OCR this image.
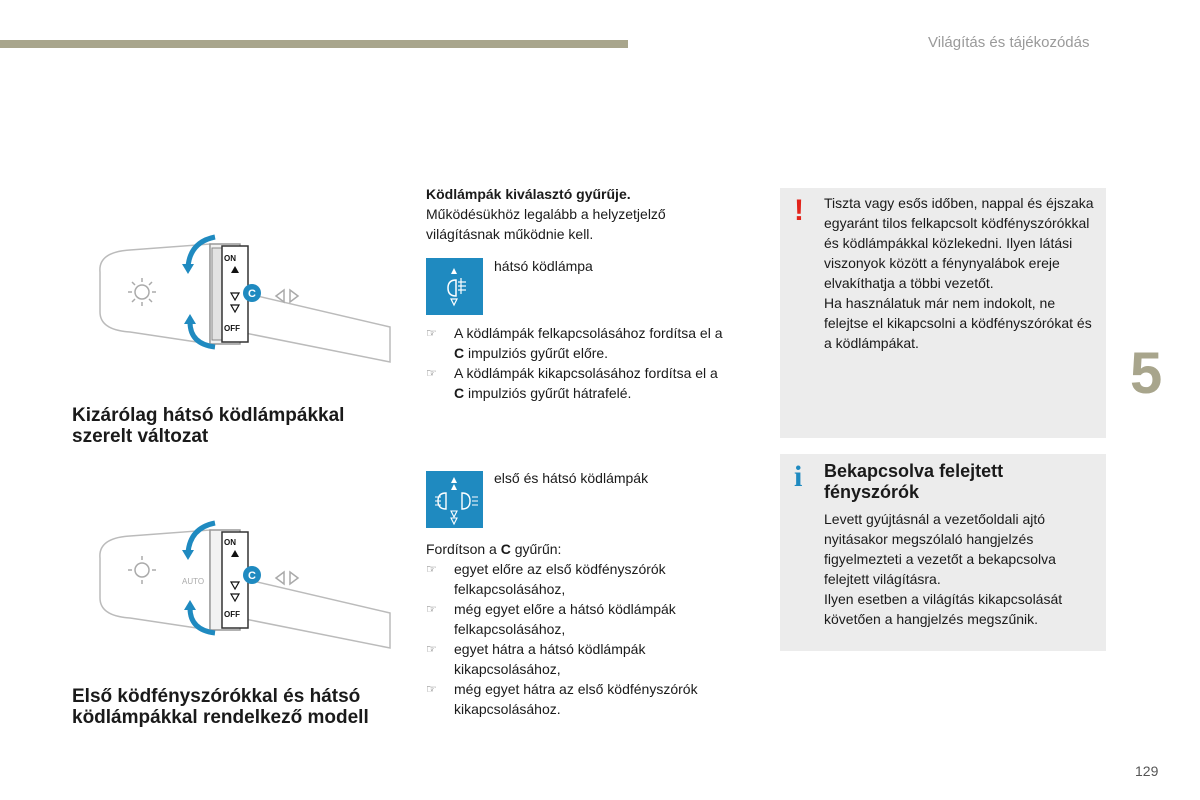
Világítás és tájékozódás
5
129
ON
OFF
C
Kizárólag hátsó ködlámpákkal szerelt változat
AUTO
ON
OFF
C
Első ködfényszórókkal és hátsó ködlámpákkal rendelkező modell
Ködlámpák kiválasztó gyűrűje.
Működésükhöz legalább a helyzetjelző világításnak működnie kell.
hátsó ködlámpa
☞ A ködlámpák felkapcsolásához fordítsa el a C impulziós gyűrűt előre.
☞ A ködlámpák kikapcsolásához fordítsa el a C impulziós gyűrűt hátrafelé.
első és hátsó ködlámpák
Fordítson a C gyűrűn:
☞ egyet előre az első ködfényszórók felkapcsolásához,
☞ még egyet előre a hátsó ködlámpák felkapcsolásához,
☞ egyet hátra a hátsó ködlámpák kikapcsolásához,
☞ még egyet hátra az első ködfényszórók kikapcsolásához.
! Tiszta vagy esős időben, nappal és éjszaka egyaránt tilos felkapcsolt ködfényszórókkal és ködlámpákkal közlekedni. Ilyen látási viszonyok között a fénynyalábok ereje elvakíthatja a többi vezetőt.
Ha használatuk már nem indokolt, ne felejtse el kikapcsolni a ködfényszórókat és a ködlámpákat.
i Bekapcsolva felejtett fényszórók
Levett gyújtásnál a vezetőoldali ajtó nyitásakor megszólaló hangjelzés figyelmezteti a vezetőt a bekapcsolva felejtett világításra.
Ilyen esetben a világítás kikapcsolását követően a hangjelzés megszűnik.
